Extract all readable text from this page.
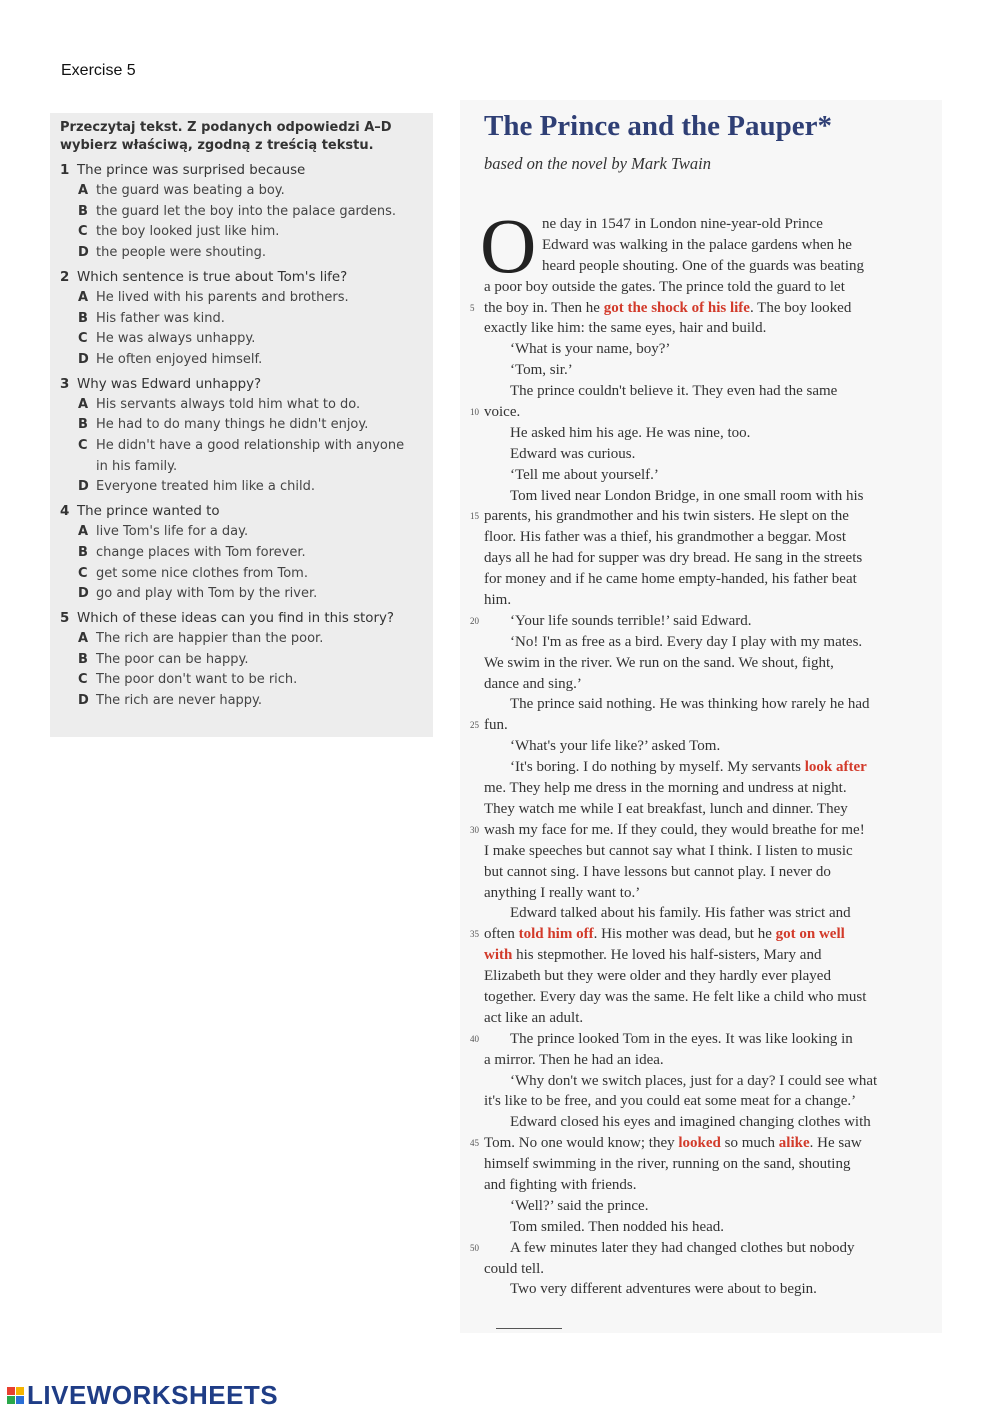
Exercise 5

Przeczytaj tekst. Z podanych odpowiedzi A–D wybierz właściwą, zgodną z treścią tekstu.

1 The prince was surprised because
A the guard was beating a boy.
B the guard let the boy into the palace gardens.
C the boy looked just like him.
D the people were shouting.
2 Which sentence is true about Tom's life?
A He lived with his parents and brothers.
B His father was kind.
C He was always unhappy.
D He often enjoyed himself.
3 Why was Edward unhappy?
A His servants always told him what to do.
B He had to do many things he didn't enjoy.
C He didn't have a good relationship with anyone
in his family.
D Everyone treated him like a child.
4 The prince wanted to
A live Tom's life for a day.
B change places with Tom forever.
C get some nice clothes from Tom.
D go and play with Tom by the river.
5 Which of these ideas can you find in this story?
A The rich are happier than the poor.
B The poor can be happy.
C The poor don't want to be rich.
D The rich are never happy.
The Prince and the Pauper*
based on the novel by Mark Twain
O ne day in 1547 in London nine-year-old Prince
Edward was walking in the palace gardens when he
heard people shouting. One of the guards was beating
a poor boy outside the gates. The prince told the guard to let
5 the boy in. Then he got the shock of his life. The boy looked
exactly like him: the same eyes, hair and build.
‘What is your name, boy?’
‘Tom, sir.’
The prince couldn't believe it. They even had the same
10 voice.
He asked him his age. He was nine, too.
Edward was curious.
‘Tell me about yourself.’
Tom lived near London Bridge, in one small room with his
15 parents, his grandmother and his twin sisters. He slept on the
floor. His father was a thief, his grandmother a beggar. Most
days all he had for supper was dry bread. He sang in the streets
for money and if he came home empty-handed, his father beat
him.
20 ‘Your life sounds terrible!’ said Edward.
‘No! I'm as free as a bird. Every day I play with my mates.
We swim in the river. We run on the sand. We shout, fight,
dance and sing.’
The prince said nothing. He was thinking how rarely he had
25 fun.
‘What's your life like?’ asked Tom.
‘It's boring. I do nothing by myself. My servants look after
me. They help me dress in the morning and undress at night.
They watch me while I eat breakfast, lunch and dinner. They
30 wash my face for me. If they could, they would breathe for me!
I make speeches but cannot say what I think. I listen to music
but cannot sing. I have lessons but cannot play. I never do
anything I really want to.’
Edward talked about his family. His father was strict and
35 often told him off. His mother was dead, but he got on well
with his stepmother. He loved his half-sisters, Mary and
Elizabeth but they were older and they hardly ever played
together. Every day was the same. He felt like a child who must
act like an adult.
40 The prince looked Tom in the eyes. It was like looking in
a mirror. Then he had an idea.
‘Why don't we switch places, just for a day? I could see what
it's like to be free, and you could eat some meat for a change.’
Edward closed his eyes and imagined changing clothes with
45 Tom. No one would know; they looked so much alike. He saw
himself swimming in the river, running on the sand, shouting
and fighting with friends.
‘Well?’ said the prince.
Tom smiled. Then nodded his head.
50 A few minutes later they had changed clothes but nobody
could tell.
Two very different adventures were about to begin.
LIVEWORKSHEETS
